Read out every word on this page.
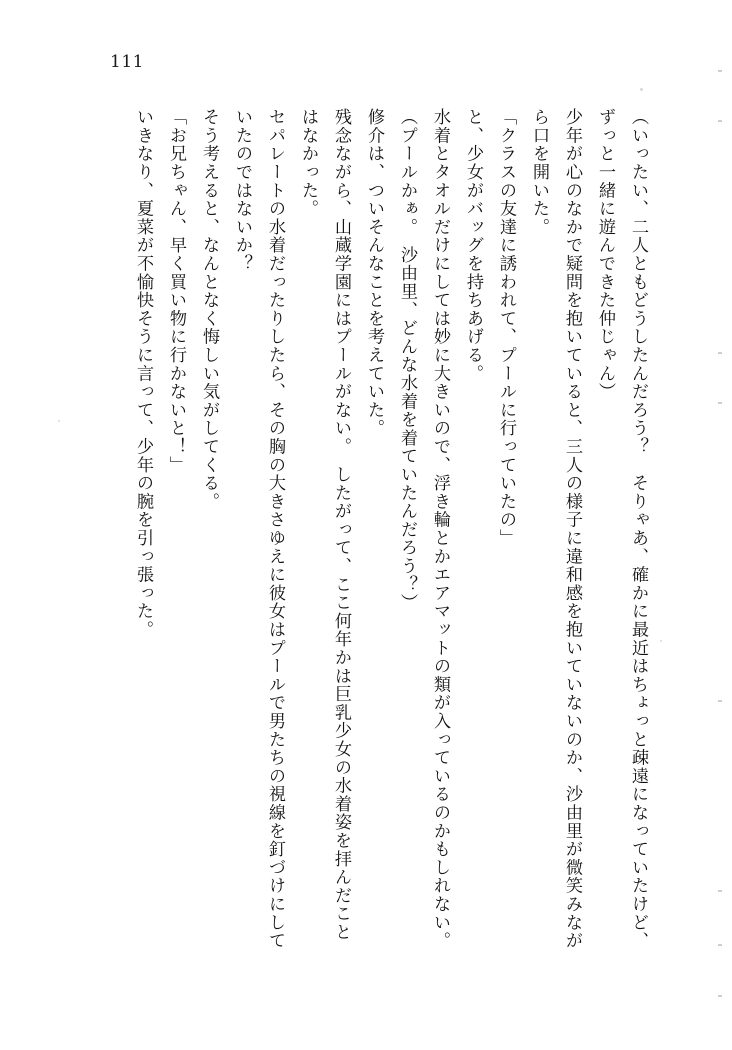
111

（いったい、二人ともどうしたんだろう？　そりゃあ、確かに最近はちょっと疎遠になっていたけど、ずっと一緒に遊んできた仲じゃん）

少年が心のなかで疑問を抱いていると、三人の様子に違和感を抱いていないのか、沙由里が微笑みながら口を開いた。

「クラスの友達に誘われて、プールに行っていたの」

と、少女がバッグを持ちあげる。

水着とタオルだけにしては妙に大きいので、浮き輪とかエアマットの類が入っているのかもしれない。

（プールかぁ。　沙由里、どんな水着を着ていたんだろう？）

修介は、ついそんなことを考えていた。

残念ながら、山蔵学園にはプールがない。　したがって、ここ何年かは巨乳少女の水着姿を拝んだことはなかった。

セパレートの水着だったりしたら、その胸の大きさゆえに彼女はプールで男たちの視線を釘づけにしていたのではないか？

そう考えると、なんとなく悔しい気がしてくる。

「お兄ちゃん、早く買い物に行かないと！」

いきなり、夏菜が不愉快そうに言って、少年の腕を引っ張った。
